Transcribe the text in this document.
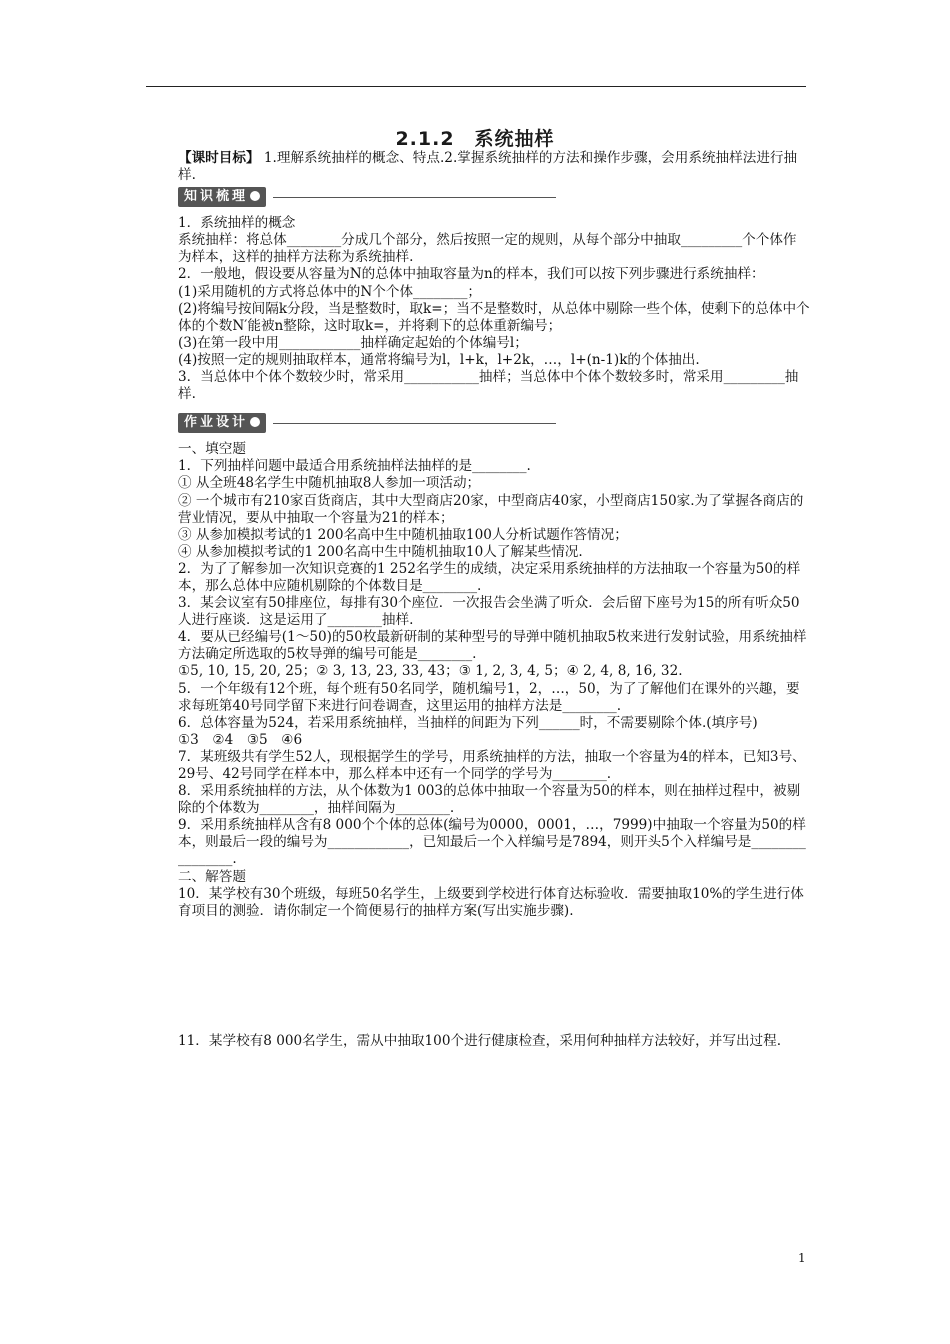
2.1.2　系统抽样

【课时目标】 1.理解系统抽样的概念、特点.2.掌握系统抽样的方法和操作步骤，会用系统抽样法进行抽样.

知识梳理

1．系统抽样的概念

系统抽样：将总体________分成几个部分，然后按照一定的规则，从每个部分中抽取_________个个体作为样本，这样的抽样方法称为系统抽样.

2．一般地，假设要从容量为N的总体中抽取容量为n的样本，我们可以按下列步骤进行系统抽样：

(1)采用随机的方式将总体中的N个个体________；

(2)将编号按间隔k分段，当是整数时，取k=；当不是整数时，从总体中剔除一些个体，使剩下的总体中个体的个数N′能被n整除，这时取k=，并将剩下的总体重新编号；

(3)在第一段中用____________抽样确定起始的个体编号l；

(4)按照一定的规则抽取样本，通常将编号为l，l+k，l+2k，…，l+(n-1)k的个体抽出.

3．当总体中个体个数较少时，常采用___________抽样；当总体中个体个数较多时，常采用_________抽样.

作业设计

一、填空题

1．下列抽样问题中最适合用系统抽样法抽样的是________.

① 从全班48名学生中随机抽取8人参加一项活动；

② 一个城市有210家百货商店，其中大型商店20家，中型商店40家，小型商店150家.为了掌握各商店的营业情况，要从中抽取一个容量为21的样本；

③ 从参加模拟考试的1 200名高中生中随机抽取100人分析试题作答情况；

④ 从参加模拟考试的1 200名高中生中随机抽取10人了解某些情况.

2．为了了解参加一次知识竞赛的1 252名学生的成绩，决定采用系统抽样的方法抽取一个容量为50的样本，那么总体中应随机剔除的个体数目是________.

3．某会议室有50排座位，每排有30个座位．一次报告会坐满了听众．会后留下座号为15的所有听众50人进行座谈．这是运用了________抽样.

4．要从已经编号(1～50)的50枚最新研制的某种型号的导弹中随机抽取5枚来进行发射试验，用系统抽样方法确定所选取的5枚导弹的编号可能是________.

①5, 10, 15, 20, 25；② 3, 13, 23, 33, 43；③ 1, 2, 3, 4, 5；④ 2, 4, 8, 16, 32.

5．一个年级有12个班，每个班有50名同学，随机编号1，2，…，50，为了了解他们在课外的兴趣，要求每班第40号同学留下来进行问卷调查，这里运用的抽样方法是________.

6．总体容量为524，若采用系统抽样，当抽样的间距为下列______时，不需要剔除个体.(填序号)

①3　②4　③5　④6

7．某班级共有学生52人，现根据学生的学号，用系统抽样的方法，抽取一个容量为4的样本，已知3号、29号、42号同学在样本中，那么样本中还有一个同学的学号为________.

8．采用系统抽样的方法，从个体数为1 003的总体中抽取一个容量为50的样本，则在抽样过程中，被剔除的个体数为________，抽样间隔为________.

9．采用系统抽样从含有8 000个个体的总体(编号为0000，0001，…，7999)中抽取一个容量为50的样本，则最后一段的编号为____________，已知最后一个入样编号是7894，则开头5个入样编号是________________.

二、解答题

10．某学校有30个班级，每班50名学生，上级要到学校进行体育达标验收．需要抽取10%的学生进行体育项目的测验．请你制定一个简便易行的抽样方案(写出实施步骤).

11．某学校有8 000名学生，需从中抽取100个进行健康检查，采用何种抽样方法较好，并写出过程.

1
